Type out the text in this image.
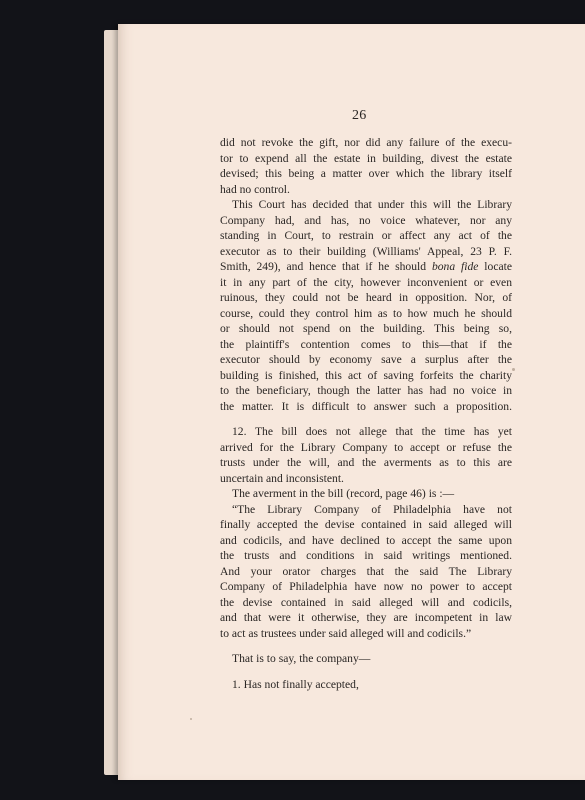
26

did not revoke the gift, nor did any failure of the execu-
tor to expend all the estate in building, divest the estate
devised; this being a matter over which the library itself
had no control.

This Court has decided that under this will the Library
Company had, and has, no voice whatever, nor any
standing in Court, to restrain or affect any act of the
executor as to their building (Williams' Appeal, 23 P. F.
Smith, 249), and hence that if he should bona fide locate
it in any part of the city, however inconvenient or even
ruinous, they could not be heard in opposition. Nor, of
course, could they control him as to how much he should
or should not spend on the building. This being so,
the plaintiff's contention comes to this—that if the
executor should by economy save a surplus after the
building is finished, this act of saving forfeits the charity
to the beneficiary, though the latter has had no voice in
the matter. It is difficult to answer such a proposition.

12. The bill does not allege that the time has yet
arrived for the Library Company to accept or refuse the
trusts under the will, and the averments as to this are
uncertain and inconsistent.

The averment in the bill (record, page 46) is :—

“The Library Company of Philadelphia have not
finally accepted the devise contained in said alleged will
and codicils, and have declined to accept the same upon
the trusts and conditions in said writings mentioned.
And your orator charges that the said The Library
Company of Philadelphia have now no power to accept
the devise contained in said alleged will and codicils,
and that were it otherwise, they are incompetent in law
to act as trustees under said alleged will and codicils.”

That is to say, the company—

1. Has not finally accepted,
